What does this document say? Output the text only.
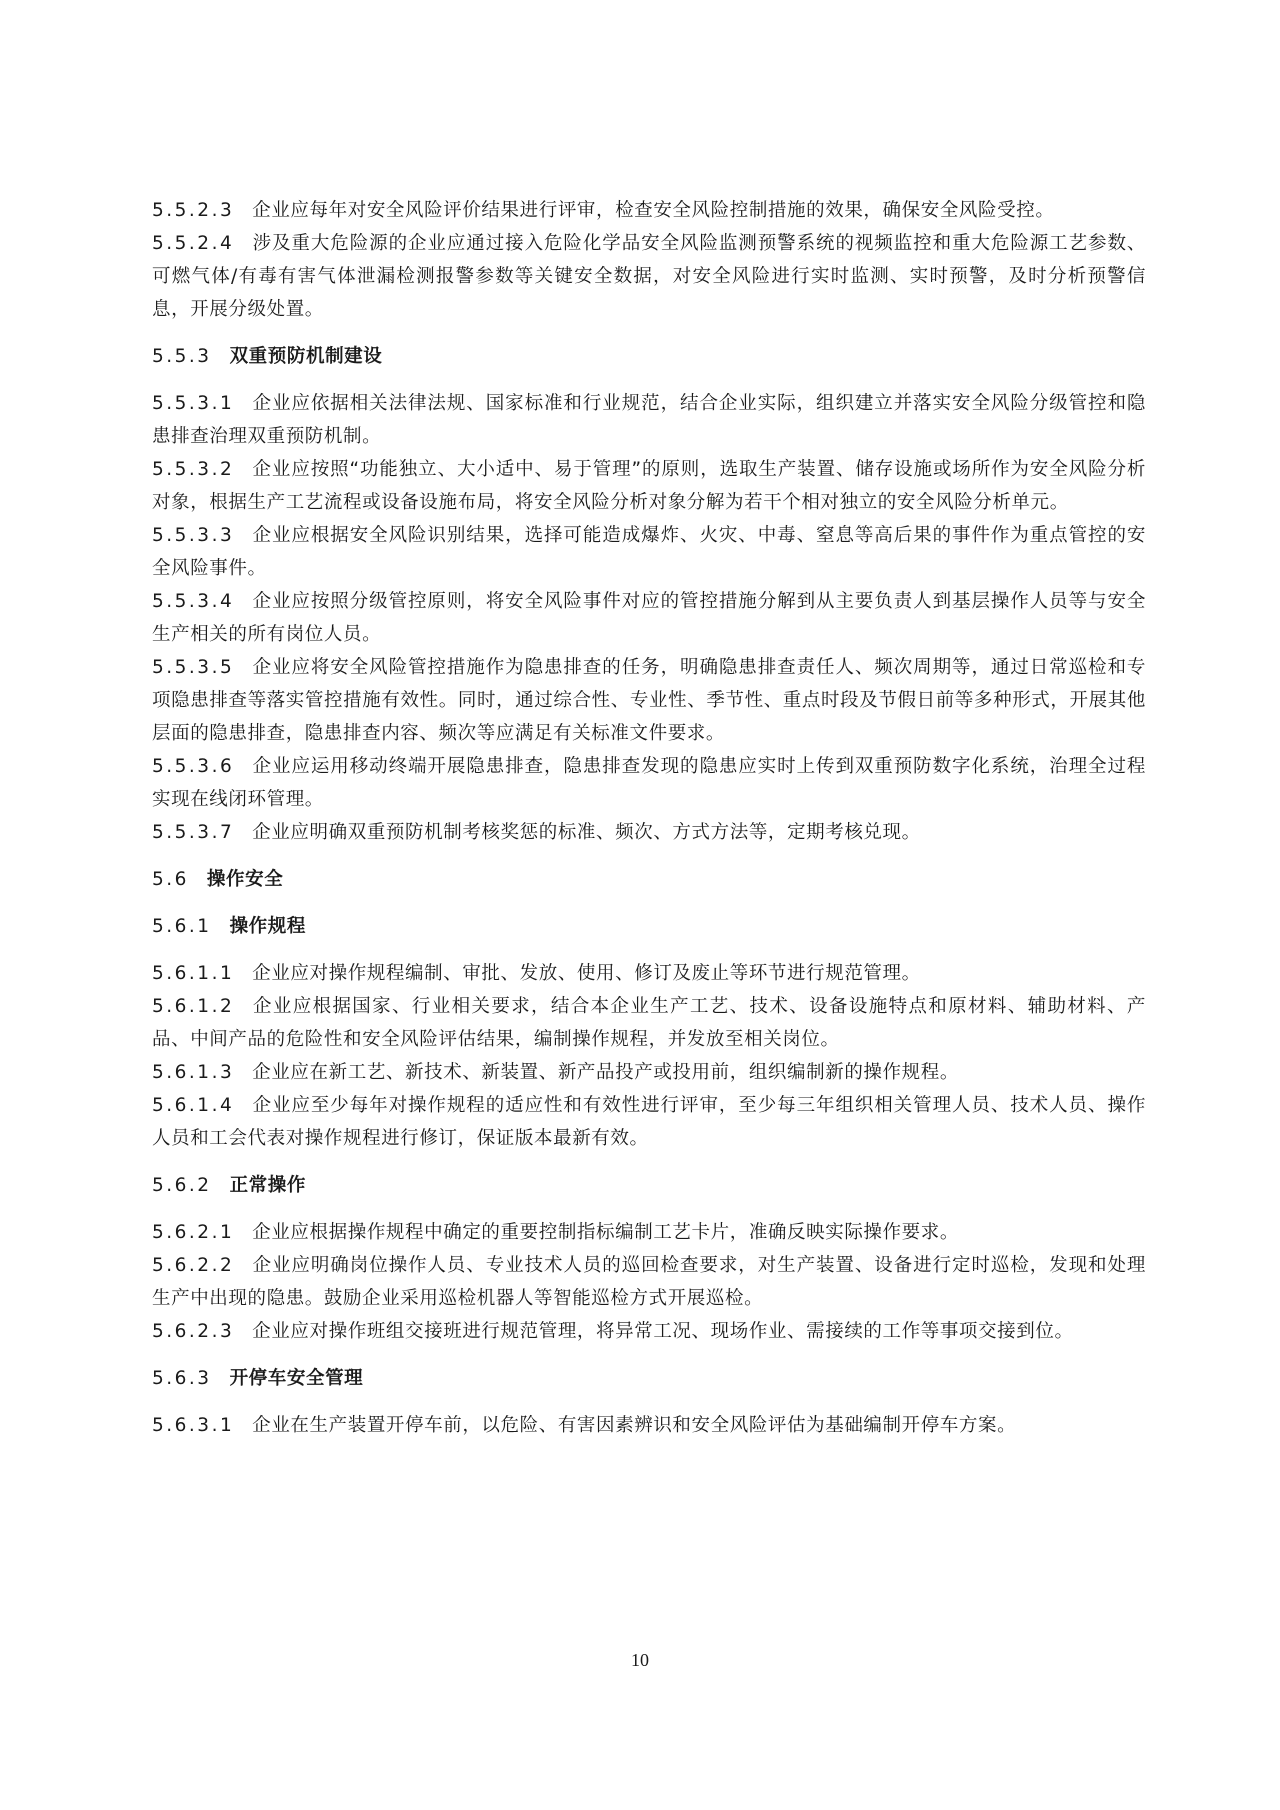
5.5.2.3 企业应每年对安全风险评价结果进行评审，检查安全风险控制措施的效果，确保安全风险受控。

5.5.2.4 涉及重大危险源的企业应通过接入危险化学品安全风险监测预警系统的视频监控和重大危险源工艺参数、可燃气体/有毒有害气体泄漏检测报警参数等关键安全数据，对安全风险进行实时监测、实时预警，及时分析预警信息，开展分级处置。

5.5.3 双重预防机制建设

5.5.3.1 企业应依据相关法律法规、国家标准和行业规范，结合企业实际，组织建立并落实安全风险分级管控和隐患排查治理双重预防机制。

5.5.3.2 企业应按照“功能独立、大小适中、易于管理”的原则，选取生产装置、储存设施或场所作为安全风险分析对象，根据生产工艺流程或设备设施布局，将安全风险分析对象分解为若干个相对独立的安全风险分析单元。

5.5.3.3 企业应根据安全风险识别结果，选择可能造成爆炸、火灾、中毒、窒息等高后果的事件作为重点管控的安全风险事件。

5.5.3.4 企业应按照分级管控原则，将安全风险事件对应的管控措施分解到从主要负责人到基层操作人员等与安全生产相关的所有岗位人员。

5.5.3.5 企业应将安全风险管控措施作为隐患排查的任务，明确隐患排查责任人、频次周期等，通过日常巡检和专项隐患排查等落实管控措施有效性。同时，通过综合性、专业性、季节性、重点时段及节假日前等多种形式，开展其他层面的隐患排查，隐患排查内容、频次等应满足有关标准文件要求。

5.5.3.6 企业应运用移动终端开展隐患排查，隐患排查发现的隐患应实时上传到双重预防数字化系统，治理全过程实现在线闭环管理。

5.5.3.7 企业应明确双重预防机制考核奖惩的标准、频次、方式方法等，定期考核兑现。

5.6 操作安全
5.6.1 操作规程

5.6.1.1 企业应对操作规程编制、审批、发放、使用、修订及废止等环节进行规范管理。

5.6.1.2 企业应根据国家、行业相关要求，结合本企业生产工艺、技术、设备设施特点和原材料、辅助材料、产品、中间产品的危险性和安全风险评估结果，编制操作规程，并发放至相关岗位。

5.6.1.3 企业应在新工艺、新技术、新装置、新产品投产或投用前，组织编制新的操作规程。

5.6.1.4 企业应至少每年对操作规程的适应性和有效性进行评审，至少每三年组织相关管理人员、技术人员、操作人员和工会代表对操作规程进行修订，保证版本最新有效。

5.6.2 正常操作

5.6.2.1 企业应根据操作规程中确定的重要控制指标编制工艺卡片，准确反映实际操作要求。

5.6.2.2 企业应明确岗位操作人员、专业技术人员的巡回检查要求，对生产装置、设备进行定时巡检，发现和处理生产中出现的隐患。鼓励企业采用巡检机器人等智能巡检方式开展巡检。

5.6.2.3 企业应对操作班组交接班进行规范管理，将异常工况、现场作业、需接续的工作等事项交接到位。

5.6.3 开停车安全管理

5.6.3.1 企业在生产装置开停车前，以危险、有害因素辨识和安全风险评估为基础编制开停车方案。

10
